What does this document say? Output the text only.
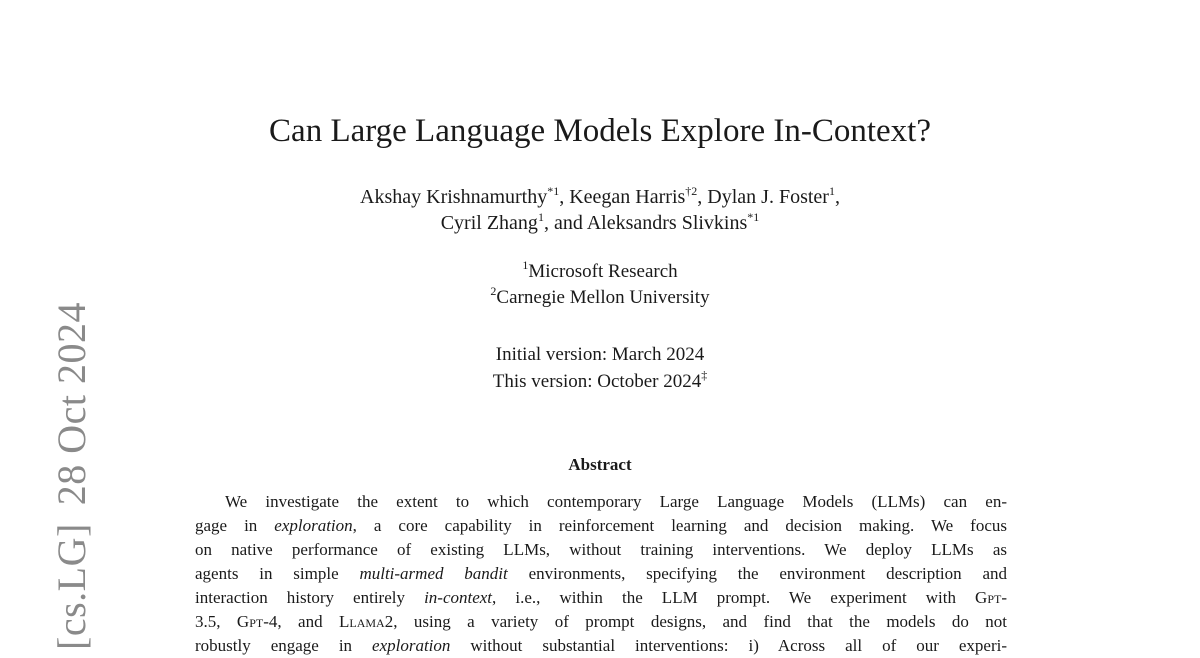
[cs.LG]28 Oct 2024
Can Large Language Models Explore In-Context?
Akshay Krishnamurthy$^{*1}$, Keegan Harris$^{\dagger 2}$, Dylan J. Foster$^1$,
Cyril Zhang$^1$, and Aleksandrs Slivkins$^{*1}$
$^1$Microsoft Research
$^2$Carnegie Mellon University
Initial version: March 2024
This version: October 2024‡
Abstract
We investigate the extent to which contemporary Large Language Models (LLMs) can en-
gage in exploration, a core capability in reinforcement learning and decision making. We focus
on native performance of existing LLMs, without training interventions. We deploy LLMs as
agents in simple multi-armed bandit environments, specifying the environment description and
interaction history entirely in-context, i.e., within the LLM prompt. We experiment with Gpt-
3.5, Gpt-4, and Llama2, using a variety of prompt designs, and find that the models do not
robustly engage in exploration without substantial interventions: i) Across all of our experi-
